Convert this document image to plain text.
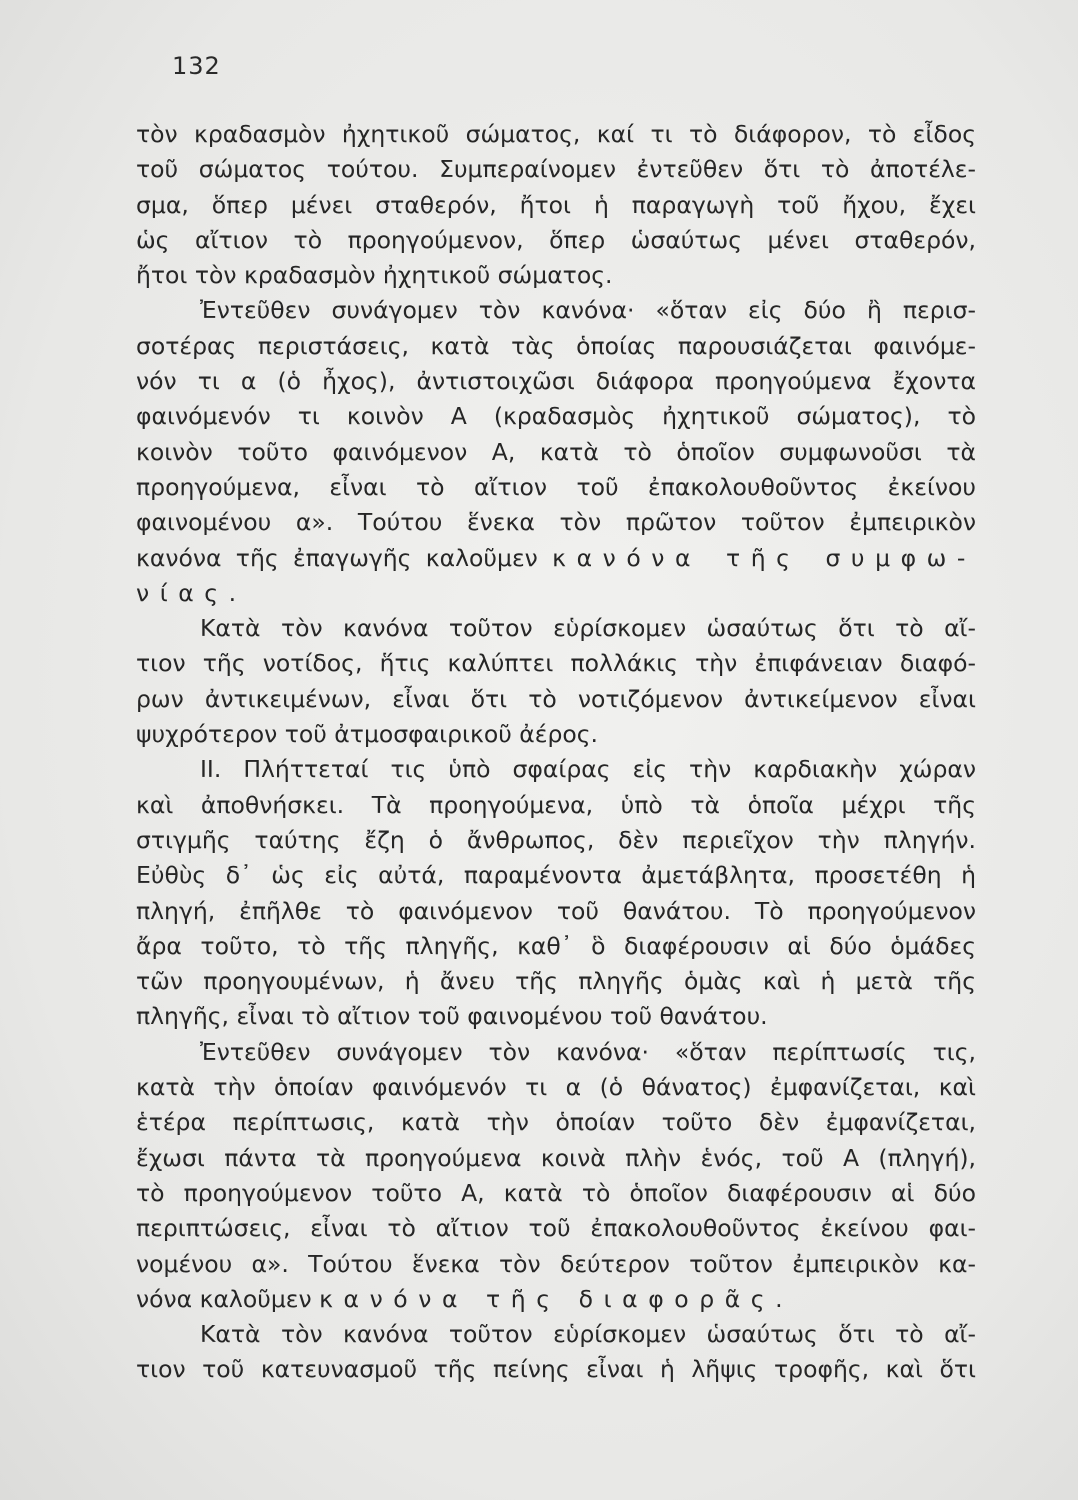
132
τὸν κραδασμὸν ἠχητικοῦ σώματος, καί τι τὸ διάφορον, τὸ εἶδος
τοῦ σώματος τούτου. Συμπεραίνομεν ἐντεῦθεν ὅτι τὸ ἀποτέλε-
σμα, ὅπερ μένει σταθερόν, ἤτοι ἡ παραγωγὴ τοῦ ἤχου, ἔχει
ὡς αἴτιον τὸ προηγούμενον, ὅπερ ὡσαύτως μένει σταθερόν,
ἤτοι τὸν κραδασμὸν ἠχητικοῦ σώματος.
Ἐντεῦθεν συνάγομεν τὸν κανόνα· «ὅταν εἰς δύο ἢ περισ-
σοτέρας περιστάσεις, κατὰ τὰς ὁποίας παρουσιάζεται φαινόμε-
νόν τι α (ὁ ἦχος), ἀντιστοιχῶσι διάφορα προηγούμενα ἔχοντα
φαινόμενόν τι κοινὸν Α (κραδασμὸς ἠχητικοῦ σώματος), τὸ
κοινὸν τοῦτο φαινόμενον Α, κατὰ τὸ ὁποῖον συμφωνοῦσι τὰ
προηγούμενα, εἶναι τὸ αἴτιον τοῦ ἐπακολουθοῦντος ἐκείνου
φαινομένου α». Τούτου ἕνεκα τὸν πρῶτον τοῦτον ἐμπειρικὸν
κανόνα τῆς ἐπαγωγῆς καλοῦμεν κανόνα τῆς συμφω-
νίας.
Κατὰ τὸν κανόνα τοῦτον εὑρίσκομεν ὡσαύτως ὅτι τὸ αἴ-
τιον τῆς νοτίδος, ἥτις καλύπτει πολλάκις τὴν ἐπιφάνειαν διαφό-
ρων ἀντικειμένων, εἶναι ὅτι τὸ νοτιζόμενον ἀντικείμενον εἶναι
ψυχρότερον τοῦ ἀτμοσφαιρικοῦ ἀέρος.
ΙΙ. Πλήττεταί τις ὑπὸ σφαίρας εἰς τὴν καρδιακὴν χώραν
καὶ ἀποθνήσκει. Τὰ προηγούμενα, ὑπὸ τὰ ὁποῖα μέχρι τῆς
στιγμῆς ταύτης ἔζη ὁ ἄνθρωπος, δὲν περιεῖχον τὴν πληγήν.
Εὐθὺς δ᾽ ὡς εἰς αὐτά, παραμένοντα ἀμετάβλητα, προσετέθη ἡ
πληγή, ἐπῆλθε τὸ φαινόμενον τοῦ θανάτου. Τὸ προηγούμενον
ἄρα τοῦτο, τὸ τῆς πληγῆς, καθ᾽ ὃ διαφέρουσιν αἱ δύο ὁμάδες
τῶν προηγουμένων, ἡ ἄνευ τῆς πληγῆς ὁμὰς καὶ ἡ μετὰ τῆς
πληγῆς, εἶναι τὸ αἴτιον τοῦ φαινομένου τοῦ θανάτου.
Ἐντεῦθεν συνάγομεν τὸν κανόνα· «ὅταν περίπτωσίς τις,
κατὰ τὴν ὁποίαν φαινόμενόν τι α (ὁ θάνατος) ἐμφανίζεται, καὶ
ἑτέρα περίπτωσις, κατὰ τὴν ὁποίαν τοῦτο δὲν ἐμφανίζεται,
ἔχωσι πάντα τὰ προηγούμενα κοινὰ πλὴν ἑνός, τοῦ Α (πληγή),
τὸ προηγούμενον τοῦτο Α, κατὰ τὸ ὁποῖον διαφέρουσιν αἱ δύο
περιπτώσεις, εἶναι τὸ αἴτιον τοῦ ἐπακολουθοῦντος ἐκείνου φαι-
νομένου α». Τούτου ἕνεκα τὸν δεύτερον τοῦτον ἐμπειρικὸν κα-
νόνα καλοῦμεν κανόνα τῆς διαφορᾶς.
Κατὰ τὸν κανόνα τοῦτον εὑρίσκομεν ὡσαύτως ὅτι τὸ αἴ-
τιον τοῦ κατευνασμοῦ τῆς πείνης εἶναι ἡ λῆψις τροφῆς, καὶ ὅτι
